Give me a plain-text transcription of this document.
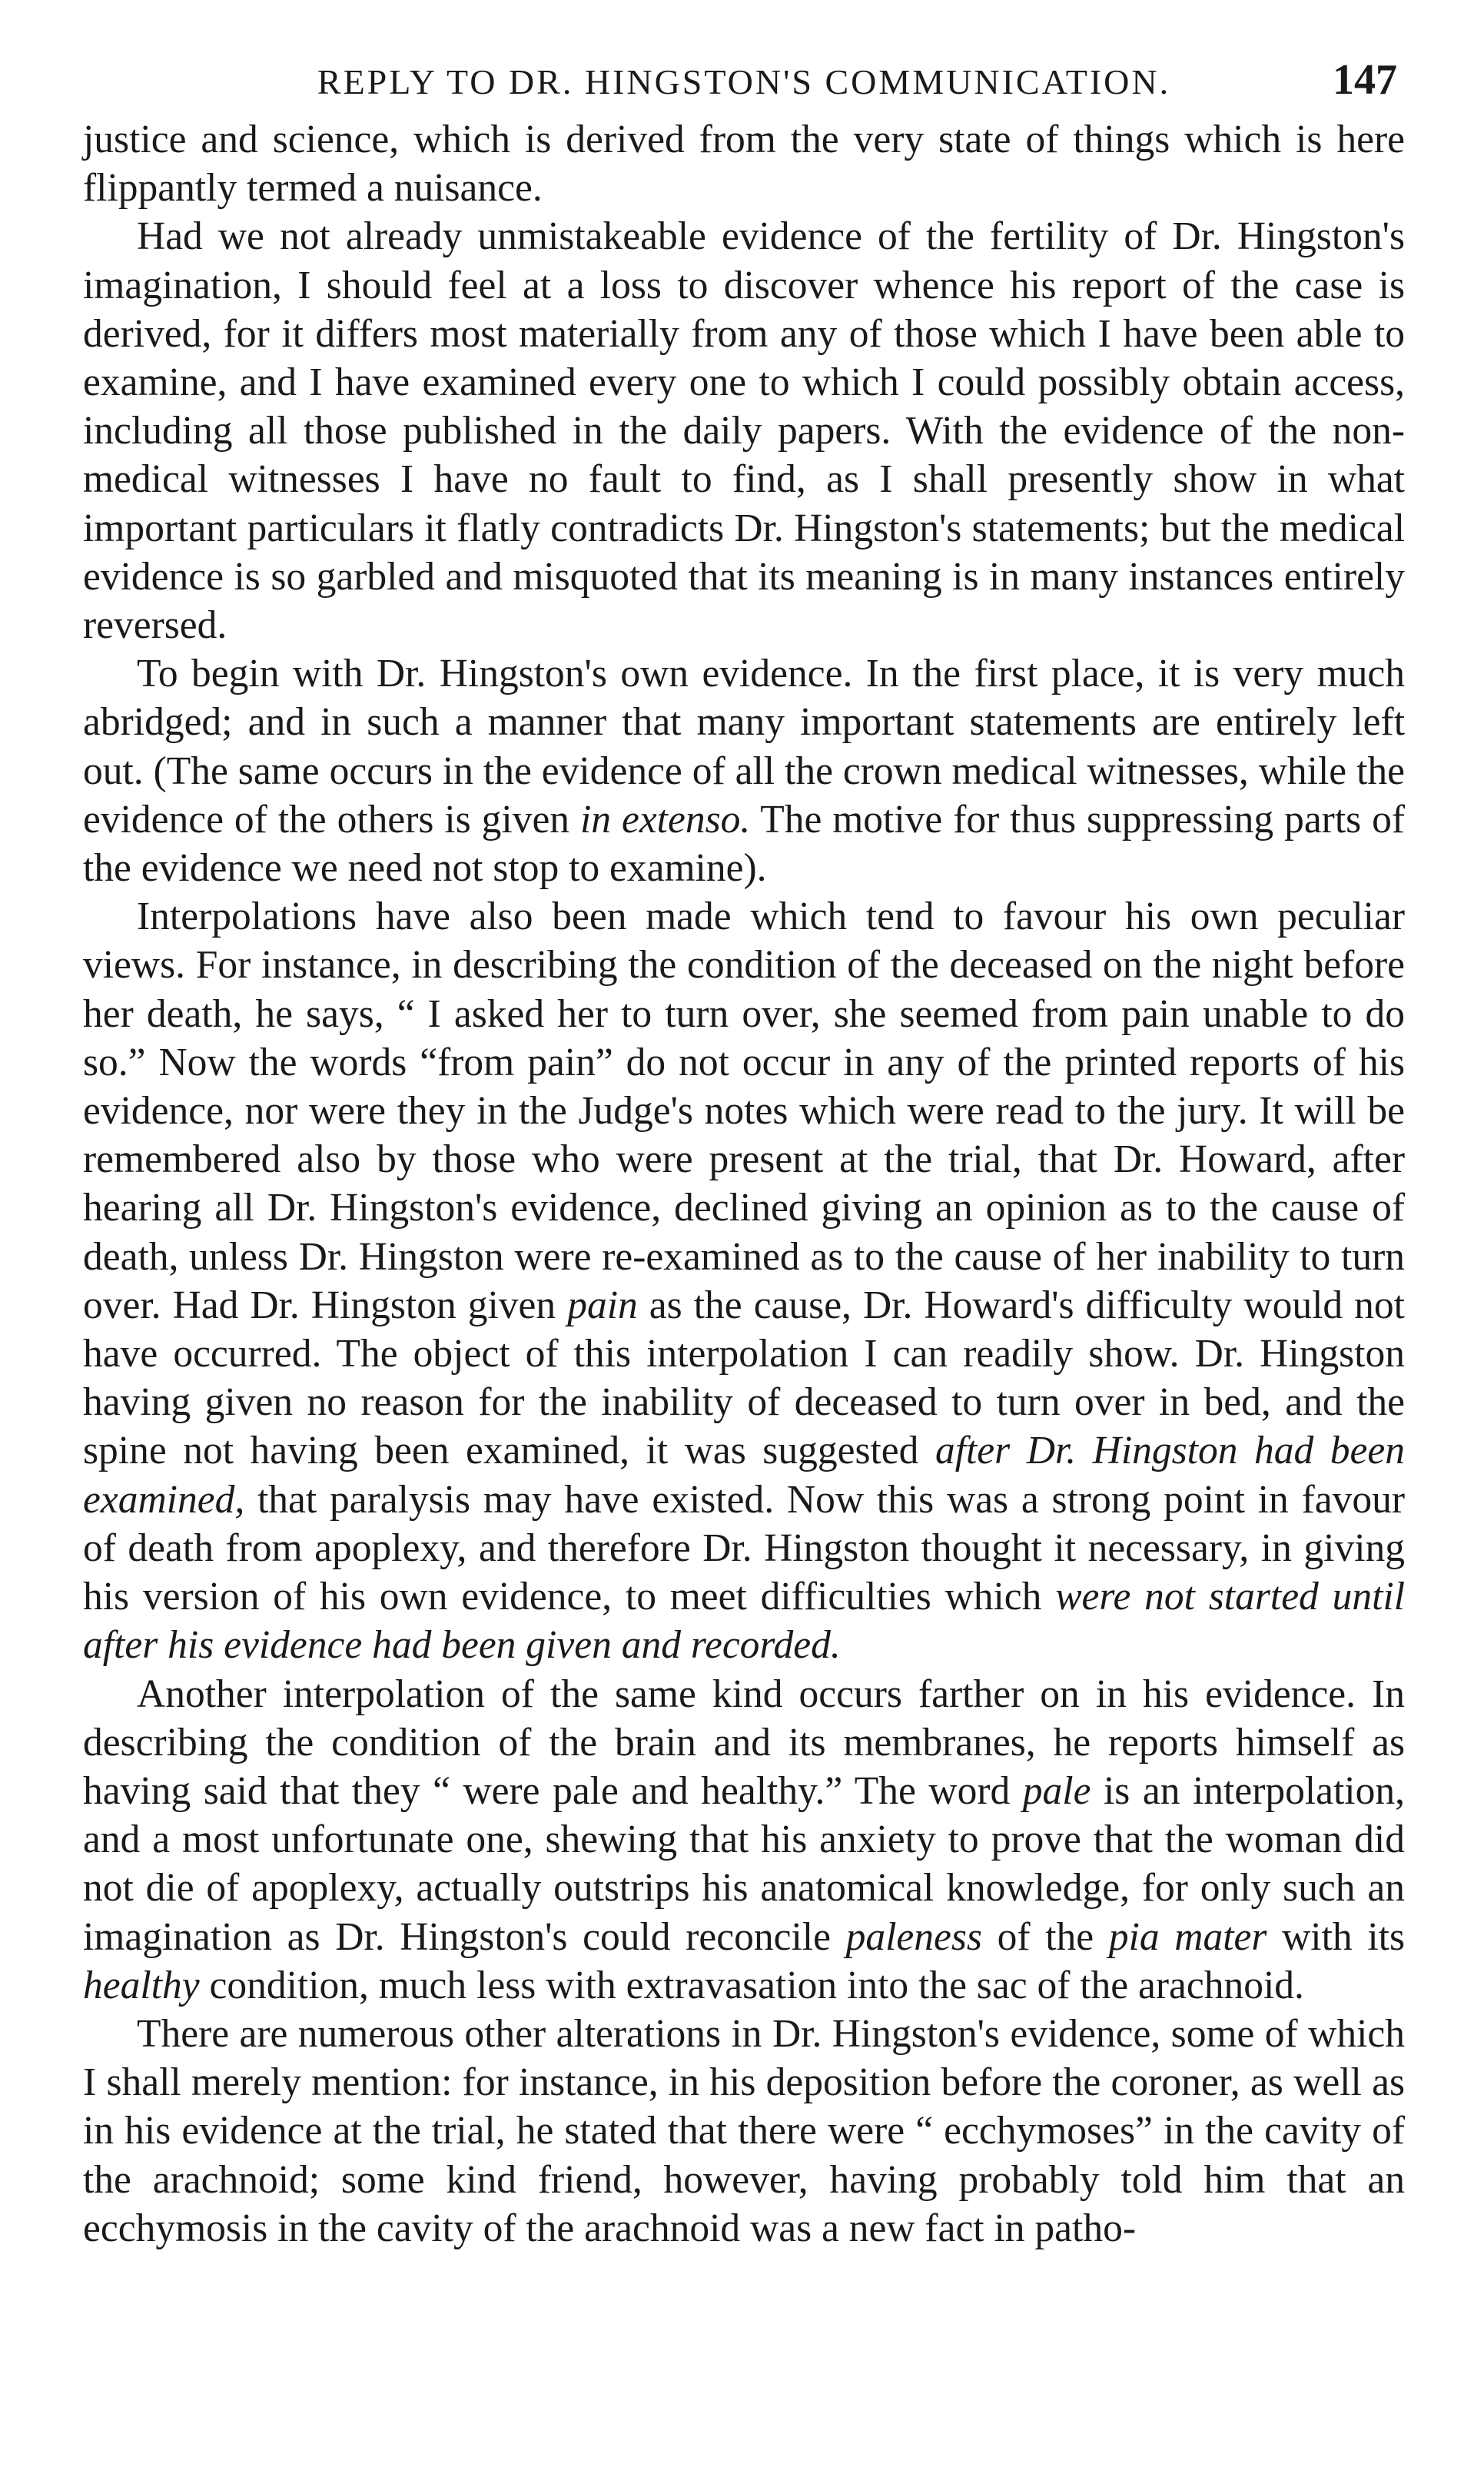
REPLY TO DR. HINGSTON'S COMMUNICATION.	147

justice and science, which is derived from the very state of things which is here flippantly termed a nuisance.

Had we not already unmistakeable evidence of the fertility of Dr. Hingston's imagination, I should feel at a loss to discover whence his report of the case is derived, for it differs most materially from any of those which I have been able to examine, and I have examined every one to which I could possibly obtain access, including all those published in the daily papers. With the evidence of the non-medical witnesses I have no fault to find, as I shall presently show in what important particulars it flatly contradicts Dr. Hingston's statements; but the medical evidence is so garbled and misquoted that its meaning is in many instances entirely reversed.

To begin with Dr. Hingston's own evidence. In the first place, it is very much abridged; and in such a manner that many important statements are entirely left out. (The same occurs in the evidence of all the crown medical witnesses, while the evidence of the others is given in extenso. The motive for thus suppressing parts of the evidence we need not stop to examine).

Interpolations have also been made which tend to favour his own peculiar views. For instance, in describing the condition of the deceased on the night before her death, he says, “ I asked her to turn over, she seemed from pain unable to do so.” Now the words “from pain” do not occur in any of the printed reports of his evidence, nor were they in the Judge's notes which were read to the jury. It will be remembered also by those who were present at the trial, that Dr. Howard, after hearing all Dr. Hingston's evidence, declined giving an opinion as to the cause of death, unless Dr. Hingston were re-examined as to the cause of her inability to turn over. Had Dr. Hingston given pain as the cause, Dr. Howard's difficulty would not have occurred. The object of this interpolation I can readily show. Dr. Hingston having given no reason for the inability of deceased to turn over in bed, and the spine not having been examined, it was suggested after Dr. Hingston had been examined, that paralysis may have existed. Now this was a strong point in favour of death from apoplexy, and therefore Dr. Hingston thought it necessary, in giving his version of his own evidence, to meet difficulties which were not started until after his evidence had been given and recorded.

Another interpolation of the same kind occurs farther on in his evidence. In describing the condition of the brain and its membranes, he reports himself as having said that they “ were pale and healthy.” The word pale is an interpolation, and a most unfortunate one, shewing that his anxiety to prove that the woman did not die of apoplexy, actually outstrips his anatomical knowledge, for only such an imagination as Dr. Hingston's could reconcile paleness of the pia mater with its healthy condition, much less with extravasation into the sac of the arachnoid.

There are numerous other alterations in Dr. Hingston's evidence, some of which I shall merely mention: for instance, in his deposition before the coroner, as well as in his evidence at the trial, he stated that there were “ ecchymoses” in the cavity of the arachnoid; some kind friend, however, having probably told him that an ecchymosis in the cavity of the arachnoid was a new fact in patho-
